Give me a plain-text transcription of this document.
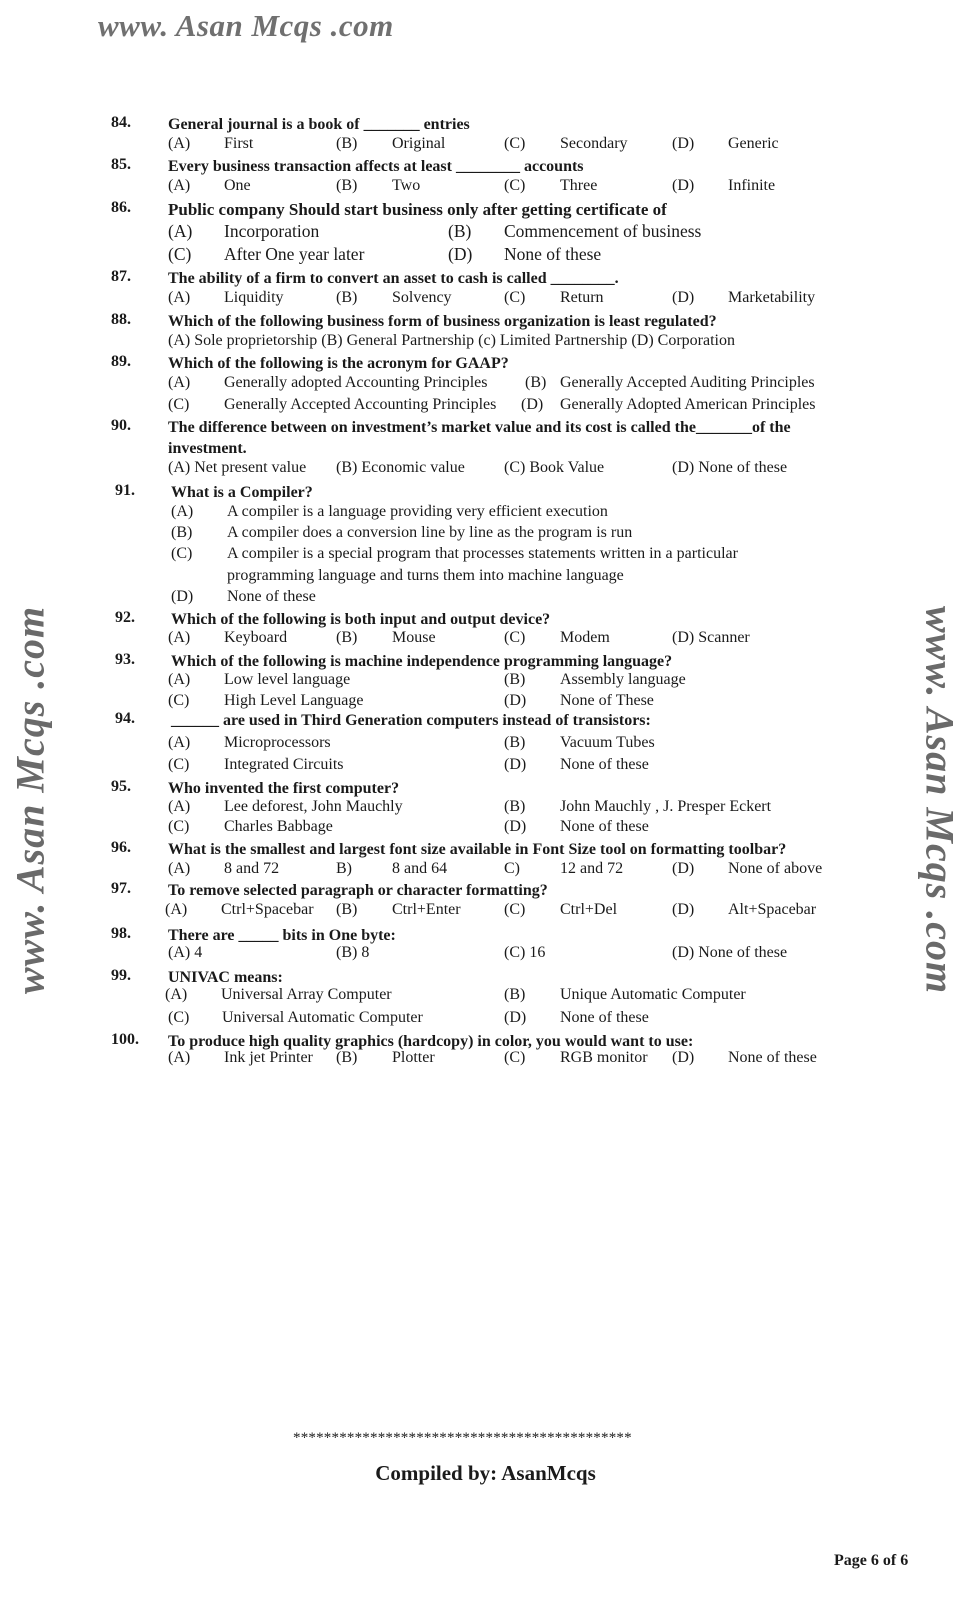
www. Asan Mcqs .com
www. Asan Mcqs .com	www. Asan Mcqs .com
84. General journal is a book of _______ entries
(A) First	(B) Original	(C) Secondary	(D) Generic
85. Every business transaction affects at least ________ accounts
(A) One	(B) Two	(C) Three	(D) Infinite
86. Public company Should start business only after getting certificate of
(A) Incorporation	(B) Commencement of business
(C) After One year later	(D) None of these
87. The ability of a firm to convert an asset to cash is called ________.
(A) Liquidity	(B) Solvency	(C) Return	(D) Marketability
88. Which of the following business form of business organization is least regulated?
(A) Sole proprietorship (B) General Partnership (c) Limited Partnership (D) Corporation
89. Which of the following is the acronym for GAAP?
(A) Generally adopted Accounting Principles (B) Generally Accepted Auditing Principles
(C) Generally Accepted Accounting Principles (D) Generally Adopted American Principles
90. The difference between on investment’s market value and its cost is called the_______of the investment.
(A) Net present value (B) Economic value (C) Book Value	(D) None of these
91. What is a Compiler?
(A) A compiler is a language providing very efficient execution
(B) A compiler does a conversion line by line as the program is run
(C) A compiler is a special program that processes statements written in a particular
programming language and turns them into machine language
(D) None of these
92. Which of the following is both input and output device?
(A) Keyboard	(B) Mouse	(C) Modem	(D) Scanner
93. Which of the following is machine independence programming language?
(A) Low level language	(B) Assembly language
(C) High Level Language	(D) None of These
94. ______ are used in Third Generation computers instead of transistors:
(A) Microprocessors	(B) Vacuum Tubes
(C) Integrated Circuits	(D) None of these
95. Who invented the first computer?
(A) Lee deforest, John Mauchly	(B) John Mauchly , J. Presper Eckert
(C) Charles Babbage	(D) None of these
96. What is the smallest and largest font size available in Font Size tool on formatting toolbar?
(A) 8 and 72	B)	8 and 64	C)	12 and 72	(D) None of above
97. To remove selected paragraph or character formatting?
(A) Ctrl+Spacebar (B) Ctrl+Enter	(C) Ctrl+Del	(D) Alt+Spacebar
98. There are _____ bits in One byte:
(A) 4	(B) 8	(C) 16	(D) None of these
99. UNIVAC means:
(A) Universal Array Computer	(B) Unique Automatic Computer
(C) Universal Automatic Computer	(D) None of these
100. To produce high quality graphics (hardcopy) in color, you would want to use:
(A) Ink jet Printer (B) Plotter	(C) RGB monitor (D) None of these
********************************************
Compiled by: AsanMcqs
Page 6 of 6
